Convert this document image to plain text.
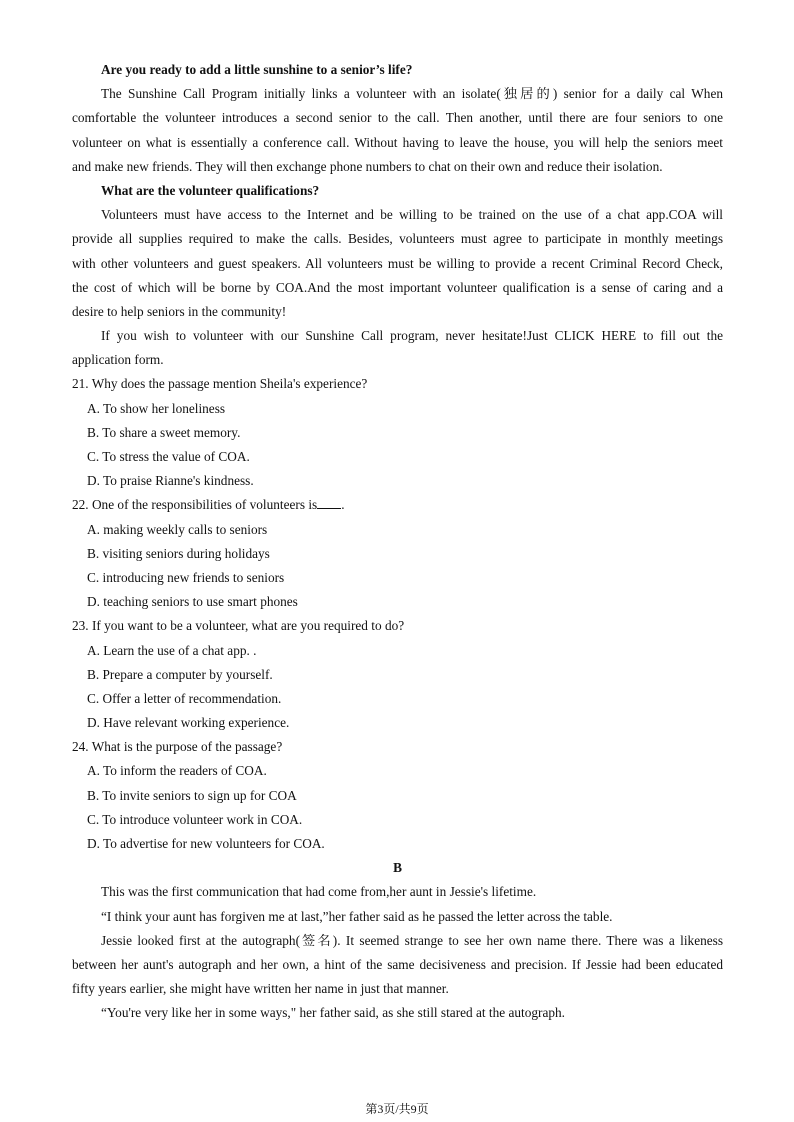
Are you ready to add a little sunshine to a senior’s life?
The Sunshine Call Program initially links a volunteer with an isolate(独居的) senior for a daily cal When
comfortable the volunteer introduces a second senior to the call. Then another, until there are four seniors to one
volunteer on what is essentially a conference call. Without having to leave the house, you will help the seniors meet
and make new friends. They will then exchange phone numbers to chat on their own and reduce their isolation.
What are the volunteer qualifications?
Volunteers must have access to the Internet and be willing to be trained on the use of a chat app.COA will
provide all supplies required to make the calls. Besides, volunteers must agree to participate in monthly meetings
with other volunteers and guest speakers. All volunteers must be willing to provide a recent Criminal Record Check,
the cost of which will be borne by COA.And the most important volunteer qualification is a sense of caring and a
desire to help seniors in the community!
If you wish to volunteer with our Sunshine Call program, never hesitate!Just CLICK HERE to fill out the
application form.
21. Why does the passage mention Sheila's experience?
A. To show her loneliness
B. To share a sweet memory.
C. To stress the value of COA.
D. To praise Rianne's kindness.
22. One of the responsibilities of volunteers is .
A. making weekly calls to seniors
B. visiting seniors during holidays
C. introducing new friends to seniors
D. teaching seniors to use smart phones
23. If you want to be a volunteer, what are you required to do?
A. Learn the use of a chat app. .
B. Prepare a computer by yourself.
C. Offer a letter of recommendation.
D. Have relevant working experience.
24. What is the purpose of the passage?
A. To inform the readers of COA.
B. To invite seniors to sign up for COA
C. To introduce volunteer work in COA.
D. To advertise for new volunteers for COA.
B
This was the first communication that had come from,her aunt in Jessie's lifetime.
“I think your aunt has forgiven me at last,”her father said as he passed the letter across the table.
Jessie looked first at the autograph(签名). It seemed strange to see her own name there. There was a likeness
between her aunt's autograph and her own, a hint of the same decisiveness and precision. If Jessie had been educated
fifty years earlier, she might have written her name in just that manner.
“You're very like her in some ways," her father said, as she still stared at the autograph.
第3页/共9页
